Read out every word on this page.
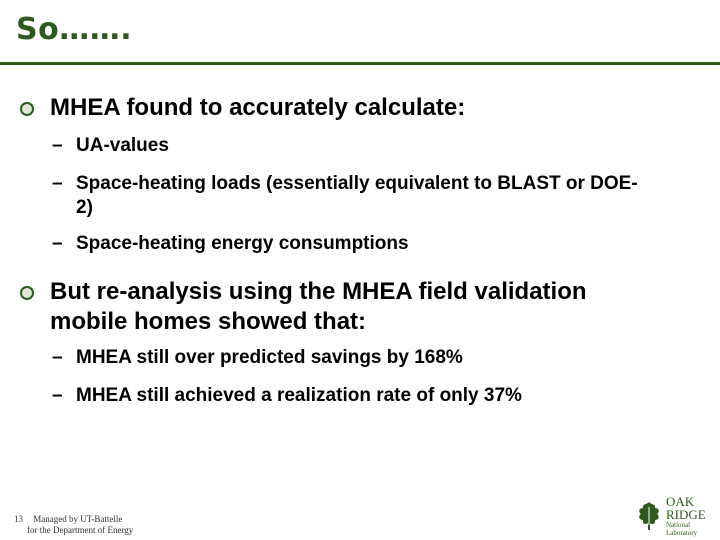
So…….
MHEA found to accurately calculate:
– UA-values
– Space-heating loads (essentially equivalent to BLAST or DOE-2)
– Space-heating energy consumptions
But re-analysis using the MHEA field validation mobile homes showed that:
– MHEA still over predicted savings by 168%
– MHEA still achieved a realization rate of only 37%
13 Managed by UT-Battelle
for the Department of Energy
OAK
RIDGE
National Laboratory
